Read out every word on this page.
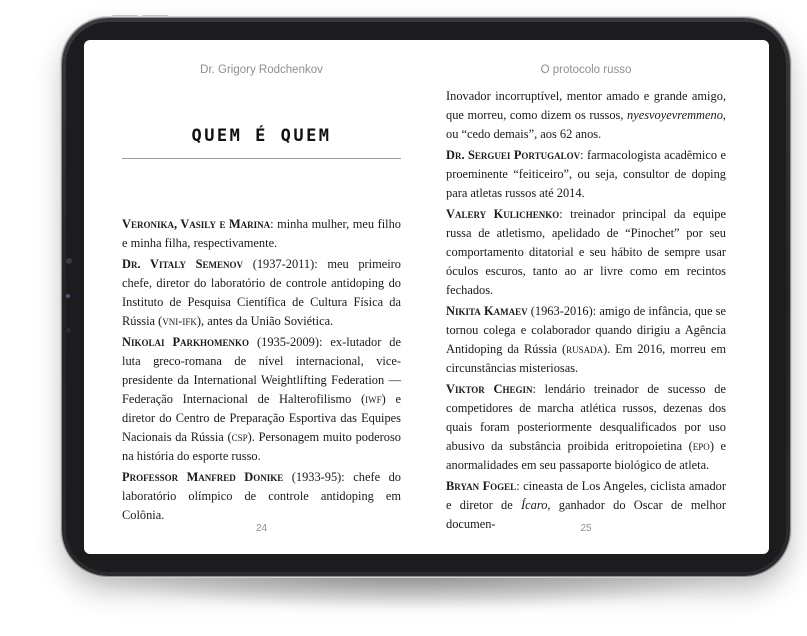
Dr. Grigory Rodchenkov
QUEM É QUEM

Veronika, Vasily e Marina: minha mulher, meu filho e minha filha, respectivamente.

Dr. Vitaly Semenov (1937-2011): meu primeiro chefe, diretor do laboratório de controle antidoping do Instituto de Pesquisa Científica de Cultura Física da Rússia (vni-ifk), antes da União Soviética.

Nikolai Parkhomenko (1935-2009): ex-lutador de luta greco-romana de nível internacional, vice-presidente da International Weightlifting Federation — Federação Internacional de Halterofilismo (iwf) e diretor do Centro de Preparação Esportiva das Equipes Nacionais da Rússia (csp). Personagem muito poderoso na história do esporte russo.

Professor Manfred Donike (1933-95): chefe do laboratório olímpico de controle antidoping em Colônia.

24
O protocolo russo

Inovador incorruptível, mentor amado e grande amigo, que morreu, como dizem os russos, nyesvoyevremmeno, ou “cedo demais”, aos 62 anos.

Dr. Serguei Portugalov: farmacologista acadêmico e proeminente “feiticeiro”, ou seja, consultor de doping para atletas russos até 2014.

Valery Kulichenko: treinador principal da equipe russa de atletismo, apelidado de “Pinochet” por seu comportamento ditatorial e seu hábito de sempre usar óculos escuros, tanto ao ar livre como em recintos fechados.

Nikita Kamaev (1963-2016): amigo de infância, que se tornou colega e colaborador quando dirigiu a Agência Antidoping da Rússia (rusada). Em 2016, morreu em circunstâncias misteriosas.

Viktor Chegin: lendário treinador de sucesso de competidores de marcha atlética russos, dezenas dos quais foram posteriormente desqualificados por uso abusivo da substância proibida eritropoietina (epo) e anormalidades em seu passaporte biológico de atleta.

Bryan Fogel: cineasta de Los Angeles, ciclista amador e diretor de Ícaro, ganhador do Oscar de melhor documen-	25
